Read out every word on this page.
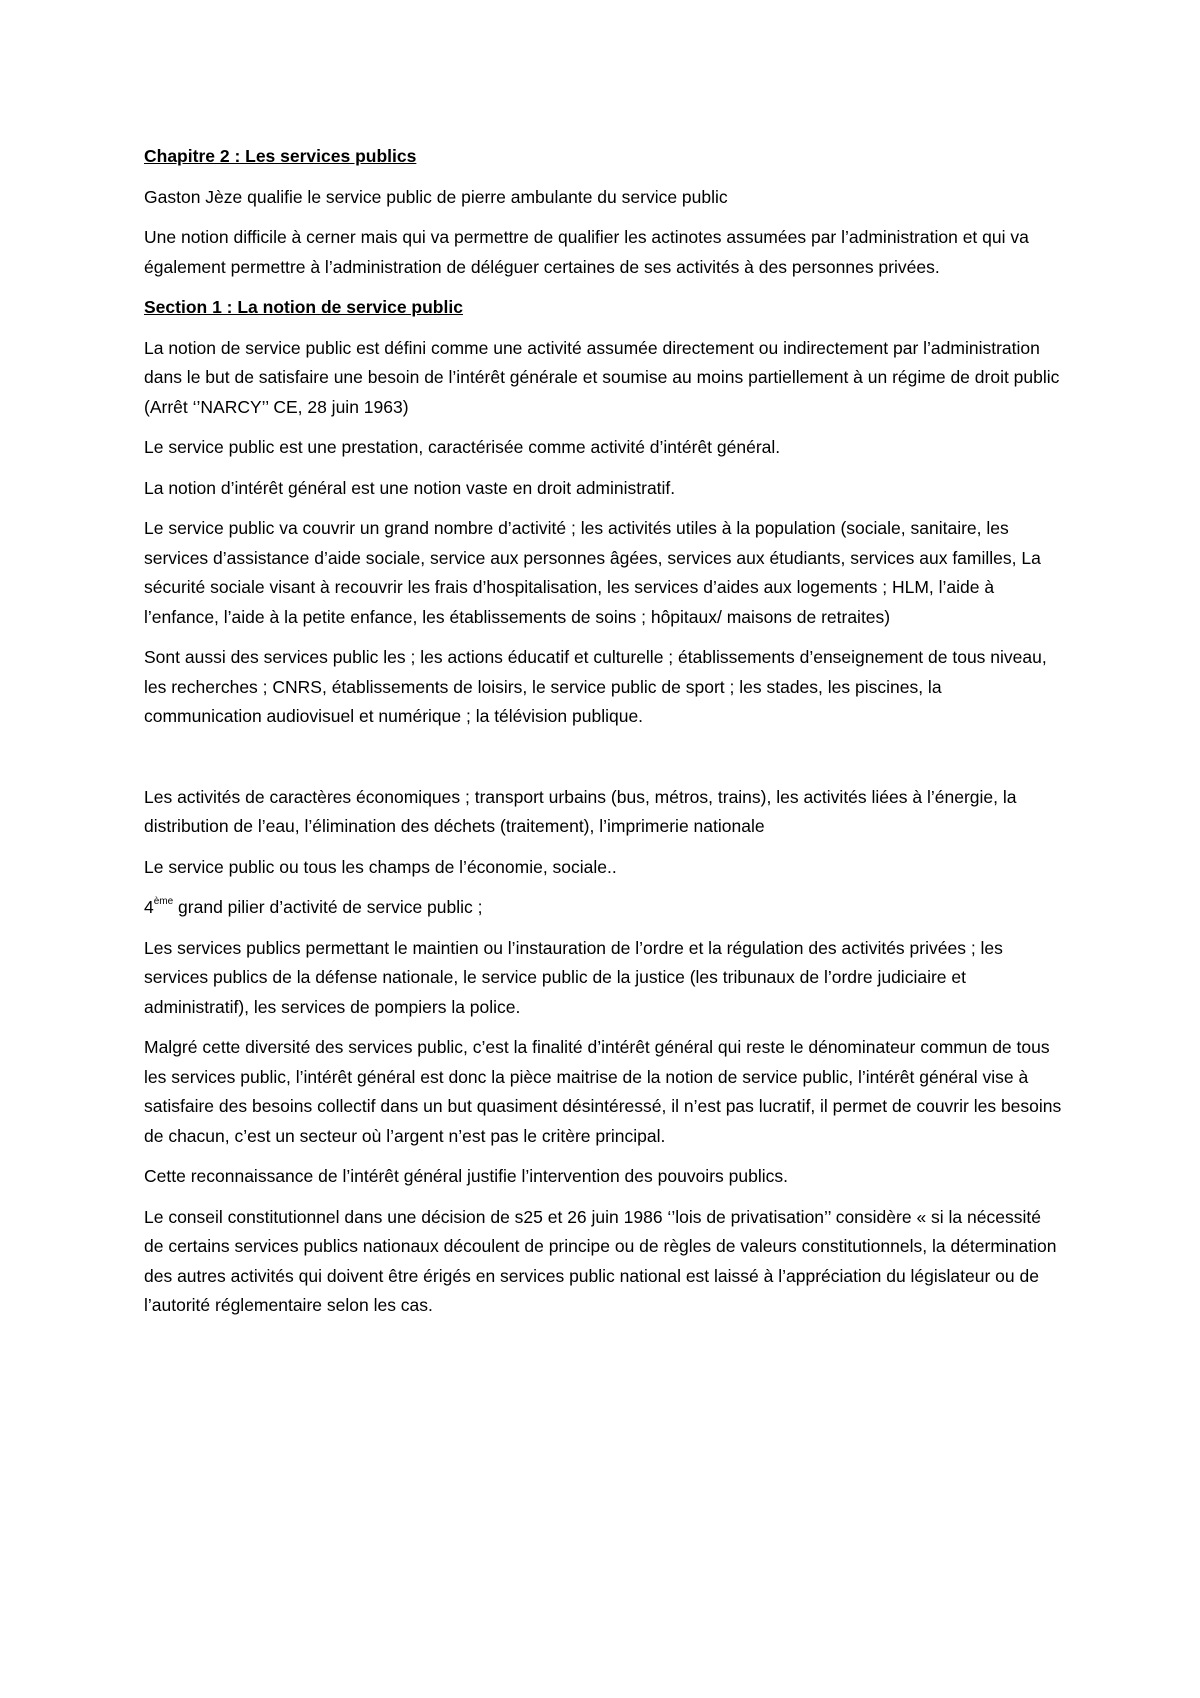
Chapitre 2 : Les services publics

Gaston Jèze qualifie le service public de pierre ambulante du service public

Une notion difficile à cerner mais qui va permettre de qualifier les actinotes assumées par l’administration et qui va également permettre à l’administration de déléguer certaines de ses activités à des personnes privées.

Section 1 : La notion de service public

La notion de service public est défini comme une activité assumée directement ou indirectement par l’administration dans le but de satisfaire une besoin de l’intérêt générale et soumise au moins partiellement à un régime de droit public (Arrêt ‘’NARCY’’ CE, 28 juin 1963)

Le service public est une prestation, caractérisée comme activité d’intérêt général.

La notion d’intérêt général est une notion vaste en droit administratif.

Le service public va couvrir un grand nombre d’activité ; les activités utiles à la population (sociale, sanitaire, les services d’assistance d’aide sociale, service aux personnes âgées, services aux étudiants, services aux familles, La sécurité sociale visant à recouvrir les frais d’hospitalisation, les services d’aides aux logements ; HLM, l’aide à l’enfance, l’aide à la petite enfance, les établissements de soins ; hôpitaux/ maisons de retraites)

Sont aussi des services public les ; les actions éducatif et culturelle ; établissements d’enseignement de tous niveau, les recherches ; CNRS, établissements de loisirs, le service public de sport ; les stades, les piscines, la communication audiovisuel et numérique ; la télévision publique.

Les activités de caractères économiques ; transport urbains (bus, métros, trains), les activités liées à l’énergie, la distribution de l’eau, l’élimination des déchets (traitement), l’imprimerie nationale

Le service public ou tous les champs de l’économie, sociale..

4ème grand pilier d’activité de service public ;

Les services publics permettant le maintien ou l’instauration de l’ordre et la régulation des activités privées ; les services publics de la défense nationale, le service public de la justice (les tribunaux de l’ordre judiciaire et administratif), les services de pompiers la police.

Malgré cette diversité des services public, c’est la finalité d’intérêt général qui reste le dénominateur commun de tous les services public, l’intérêt général est donc la pièce maitrise de la notion de service public, l’intérêt général vise à satisfaire des besoins collectif dans un but quasiment désintéressé, il n’est pas lucratif, il permet de couvrir les besoins de chacun, c’est un secteur où l’argent n’est pas le critère principal.

Cette reconnaissance de l’intérêt général justifie l’intervention des pouvoirs publics.

Le conseil constitutionnel dans une décision de s25 et 26 juin 1986 ‘’lois de privatisation’’ considère « si la nécessité de certains services publics nationaux découlent de principe ou de règles de valeurs constitutionnels, la détermination des autres activités qui doivent être érigés en services public national est laissé à l’appréciation du législateur ou de l’autorité réglementaire selon les cas.
